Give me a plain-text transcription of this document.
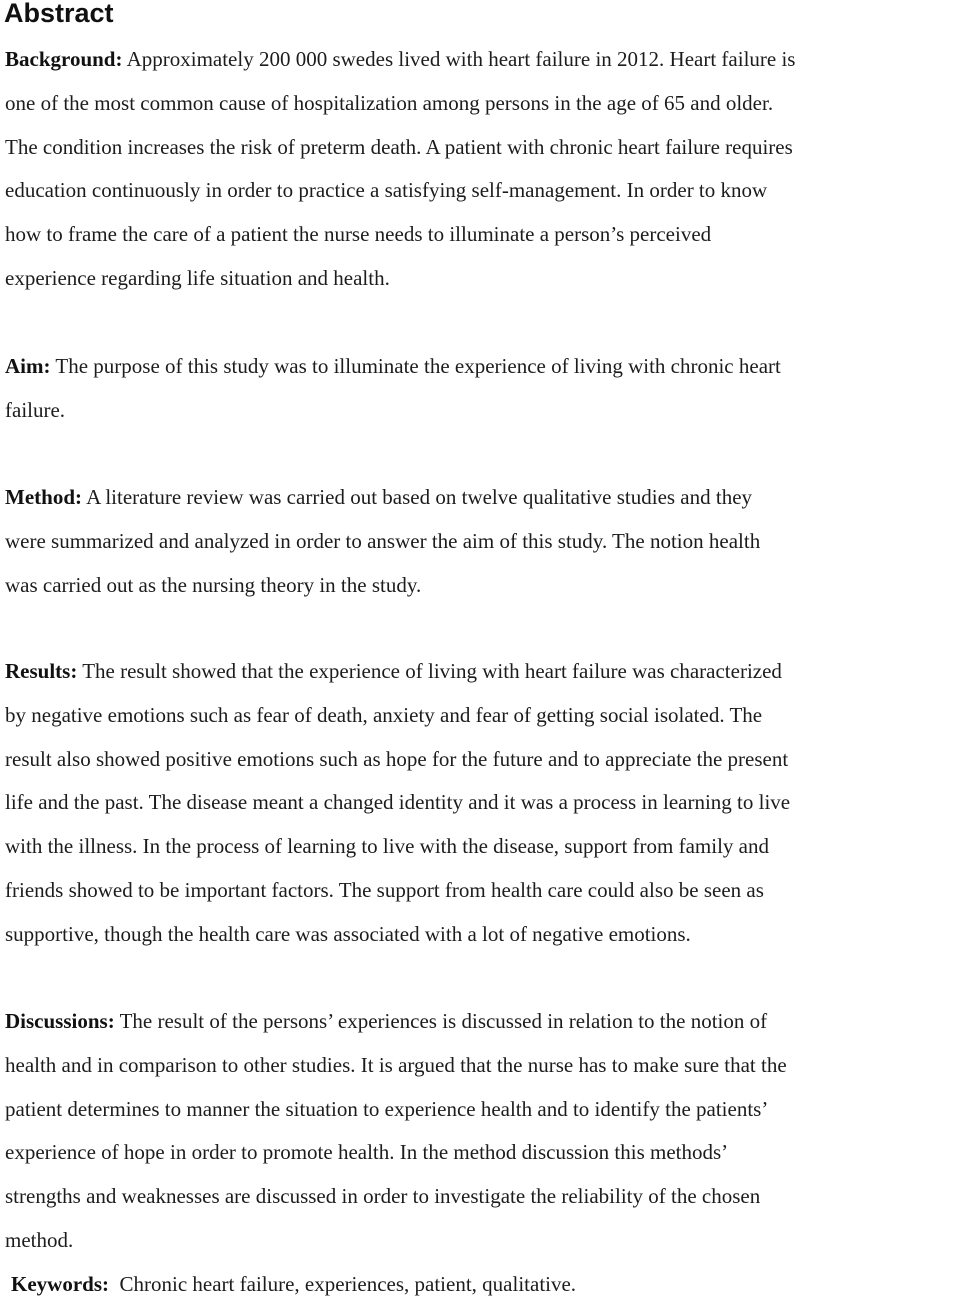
Abstract

Background: Approximately 200 000 swedes lived with heart failure in 2012. Heart failure is
one of the most common cause of hospitalization among persons in the age of 65 and older.
The condition increases the risk of preterm death. A patient with chronic heart failure requires
education continuously in order to practice a satisfying self-management. In order to know
how to frame the care of a patient the nurse needs to illuminate a person’s perceived
experience regarding life situation and health.

Aim: The purpose of this study was to illuminate the experience of living with chronic heart
failure.

Method: A literature review was carried out based on twelve qualitative studies and they
were summarized and analyzed in order to answer the aim of this study. The notion health
was carried out as the nursing theory in the study.

Results: The result showed that the experience of living with heart failure was characterized
by negative emotions such as fear of death, anxiety and fear of getting social isolated. The
result also showed positive emotions such as hope for the future and to appreciate the present
life and the past. The disease meant a changed identity and it was a process in learning to live
with the illness. In the process of learning to live with the disease, support from family and
friends showed to be important factors. The support from health care could also be seen as
supportive, though the health care was associated with a lot of negative emotions.

Discussions: The result of the persons’ experiences is discussed in relation to the notion of
health and in comparison to other studies. It is argued that the nurse has to make sure that the
patient determines to manner the situation to experience health and to identify the patients’
experience of hope in order to promote health. In the method discussion this methods’
strengths and weaknesses are discussed in order to investigate the reliability of the chosen
method.

Keywords: Chronic heart failure, experiences, patient, qualitative.
